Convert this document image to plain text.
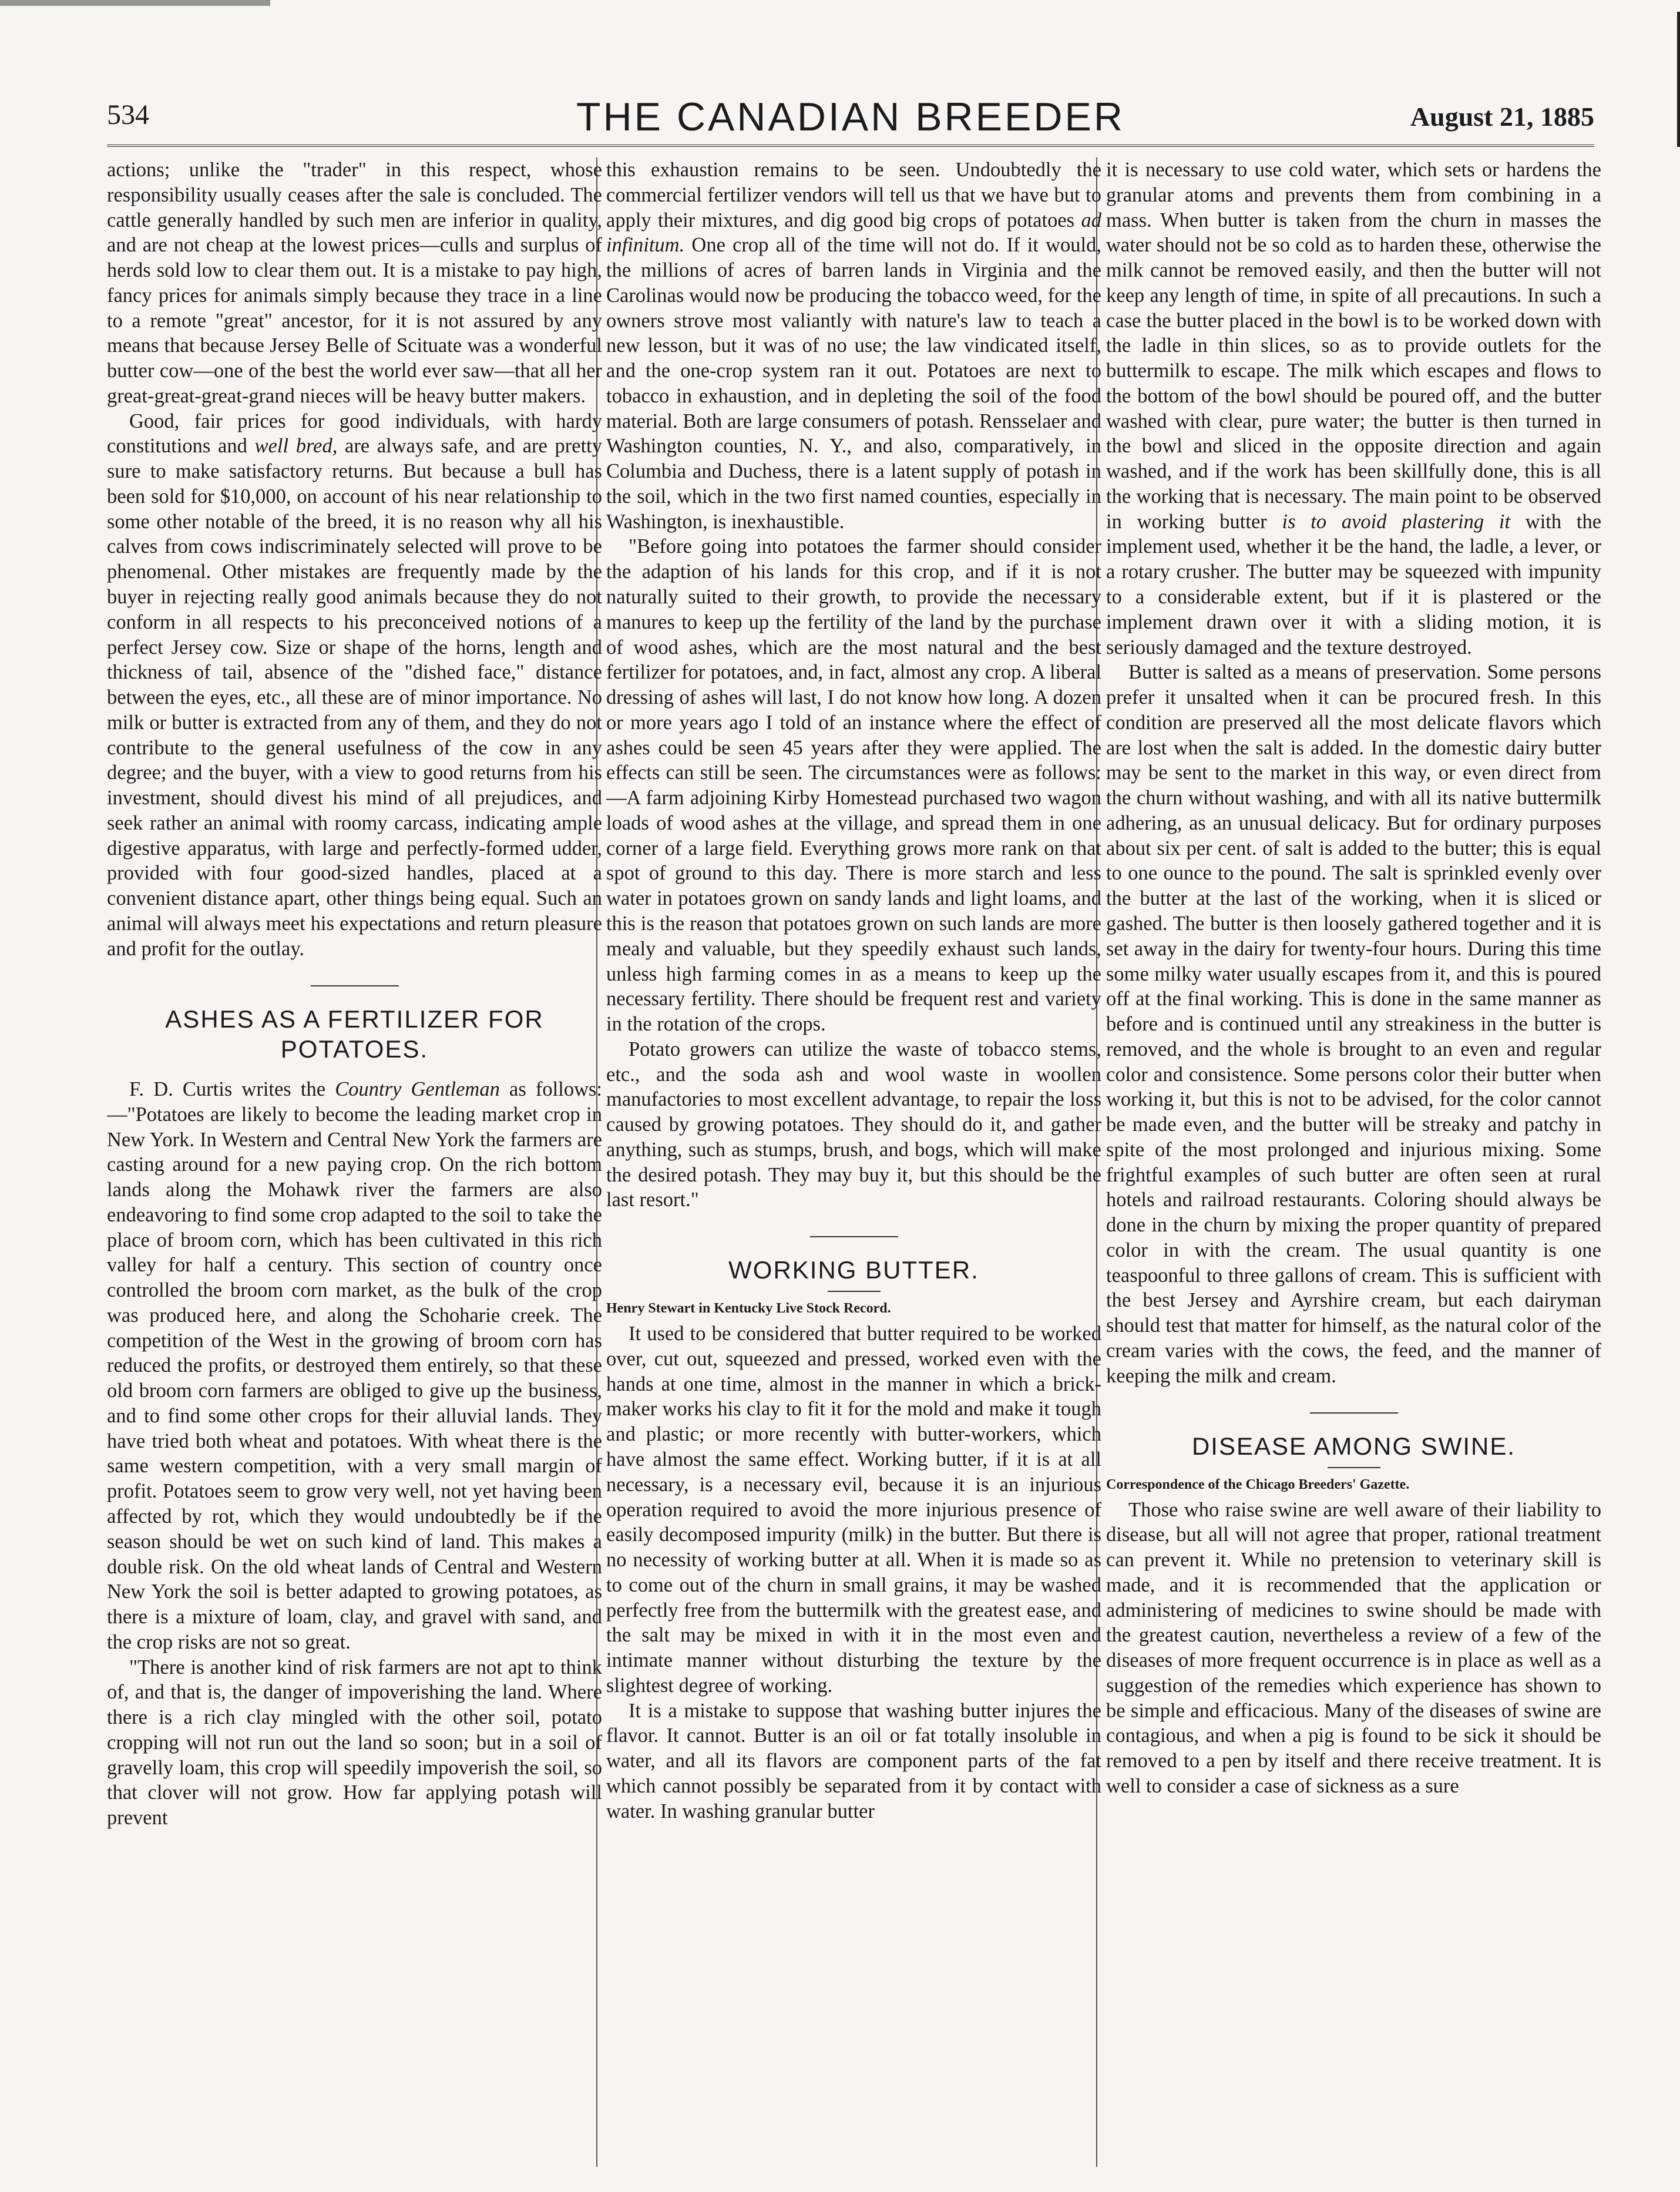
534	THE CANADIAN BREEDER	August 21, 1885

actions; unlike the "trader" in this respect, whose responsibility usually ceases after the sale is concluded. The cattle generally handled by such men are inferior in quality, and are not cheap at the lowest prices—culls and surplus of herds sold low to clear them out. It is a mistake to pay high, fancy prices for animals simply because they trace in a line to a remote "great" ancestor, for it is not assured by any means that because Jersey Belle of Scituate was a wonderful butter cow—one of the best the world ever saw—that all her great-great-great-grand nieces will be heavy butter makers.

Good, fair prices for good individuals, with hardy constitutions and well bred, are always safe, and are pretty sure to make satisfactory returns. But because a bull has been sold for $10,000, on account of his near relationship to some other notable of the breed, it is no reason why all his calves from cows indiscriminately selected will prove to be phenomenal. Other mistakes are frequently made by the buyer in rejecting really good animals because they do not conform in all respects to his preconceived notions of a perfect Jersey cow. Size or shape of the horns, length and thickness of tail, absence of the "dished face," distance between the eyes, etc., all these are of minor importance. No milk or butter is extracted from any of them, and they do not contribute to the general usefulness of the cow in any degree; and the buyer, with a view to good returns from his investment, should divest his mind of all prejudices, and seek rather an animal with roomy carcass, indicating ample digestive apparatus, with large and perfectly-formed udder, provided with four good-sized handles, placed at a convenient distance apart, other things being equal. Such an animal will always meet his expectations and return pleasure and profit for the outlay.

ASHES AS A FERTILIZER FOR POTATOES.

F. D. Curtis writes the Country Gentleman as follows:—"Potatoes are likely to become the leading market crop in New York. In Western and Central New York the farmers are casting around for a new paying crop. On the rich bottom lands along the Mohawk river the farmers are also endeavoring to find some crop adapted to the soil to take the place of broom corn, which has been cultivated in this rich valley for half a century. This section of country once controlled the broom corn market, as the bulk of the crop was produced here, and along the Schoharie creek. The competition of the West in the growing of broom corn has reduced the profits, or destroyed them entirely, so that these old broom corn farmers are obliged to give up the business, and to find some other crops for their alluvial lands. They have tried both wheat and potatoes. With wheat there is the same western competition, with a very small margin of profit. Potatoes seem to grow very well, not yet having been affected by rot, which they would undoubtedly be if the season should be wet on such kind of land. This makes a double risk. On the old wheat lands of Central and Western New York the soil is better adapted to growing potatoes, as there is a mixture of loam, clay, and gravel with sand, and the crop risks are not so great.

"There is another kind of risk farmers are not apt to think of, and that is, the danger of impoverishing the land. Where there is a rich clay mingled with the other soil, potato cropping will not run out the land so soon; but in a soil of gravelly loam, this crop will speedily impoverish the soil, so that clover will not grow. How far applying potash will prevent

this exhaustion remains to be seen. Undoubtedly the commercial fertilizer vendors will tell us that we have but to apply their mixtures, and dig good big crops of potatoes ad infinitum. One crop all of the time will not do. If it would, the millions of acres of barren lands in Virginia and the Carolinas would now be producing the tobacco weed, for the owners strove most valiantly with nature's law to teach a new lesson, but it was of no use; the law vindicated itself, and the one-crop system ran it out. Potatoes are next to tobacco in exhaustion, and in depleting the soil of the food material. Both are large consumers of potash. Rensselaer and Washington counties, N. Y., and also, comparatively, in Columbia and Duchess, there is a latent supply of potash in the soil, which in the two first named counties, especially in Washington, is inexhaustible.

"Before going into potatoes the farmer should consider the adaption of his lands for this crop, and if it is not naturally suited to their growth, to provide the necessary manures to keep up the fertility of the land by the purchase of wood ashes, which are the most natural and the best fertilizer for potatoes, and, in fact, almost any crop. A liberal dressing of ashes will last, I do not know how long. A dozen or more years ago I told of an instance where the effect of ashes could be seen 45 years after they were applied. The effects can still be seen. The circumstances were as follows:—A farm adjoining Kirby Homestead purchased two wagon loads of wood ashes at the village, and spread them in one corner of a large field. Everything grows more rank on that spot of ground to this day. There is more starch and less water in potatoes grown on sandy lands and light loams, and this is the reason that potatoes grown on such lands are more mealy and valuable, but they speedily exhaust such lands, unless high farming comes in as a means to keep up the necessary fertility. There should be frequent rest and variety in the rotation of the crops.

Potato growers can utilize the waste of tobacco stems, etc., and the soda ash and wool waste in woollen manufactories to most excellent advantage, to repair the loss caused by growing potatoes. They should do it, and gather anything, such as stumps, brush, and bogs, which will make the desired potash. They may buy it, but this should be the last resort."

WORKING BUTTER.

Henry Stewart in Kentucky Live Stock Record.

It used to be considered that butter required to be worked over, cut out, squeezed and pressed, worked even with the hands at one time, almost in the manner in which a brick-maker works his clay to fit it for the mold and make it tough and plastic; or more recently with butter-workers, which have almost the same effect. Working butter, if it is at all necessary, is a necessary evil, because it is an injurious operation required to avoid the more injurious presence of easily decomposed impurity (milk) in the butter. But there is no necessity of working butter at all. When it is made so as to come out of the churn in small grains, it may be washed perfectly free from the buttermilk with the greatest ease, and the salt may be mixed in with it in the most even and intimate manner without disturbing the texture by the slightest degree of working.

It is a mistake to suppose that washing butter injures the flavor. It cannot. Butter is an oil or fat totally insoluble in water, and all its flavors are component parts of the fat which cannot possibly be separated from it by contact with water. In washing granular butter

it is necessary to use cold water, which sets or hardens the granular atoms and prevents them from combining in a mass. When butter is taken from the churn in masses the water should not be so cold as to harden these, otherwise the milk cannot be removed easily, and then the butter will not keep any length of time, in spite of all precautions. In such a case the butter placed in the bowl is to be worked down with the ladle in thin slices, so as to provide outlets for the buttermilk to escape. The milk which escapes and flows to the bottom of the bowl should be poured off, and the butter washed with clear, pure water; the butter is then turned in the bowl and sliced in the opposite direction and again washed, and if the work has been skillfully done, this is all the working that is necessary. The main point to be observed in working butter is to avoid plastering it with the implement used, whether it be the hand, the ladle, a lever, or a rotary crusher. The butter may be squeezed with impunity to a considerable extent, but if it is plastered or the implement drawn over it with a sliding motion, it is seriously damaged and the texture destroyed.

Butter is salted as a means of preservation. Some persons prefer it unsalted when it can be procured fresh. In this condition are preserved all the most delicate flavors which are lost when the salt is added. In the domestic dairy butter may be sent to the market in this way, or even direct from the churn without washing, and with all its native buttermilk adhering, as an unusual delicacy. But for ordinary purposes about six per cent. of salt is added to the butter; this is equal to one ounce to the pound. The salt is sprinkled evenly over the butter at the last of the working, when it is sliced or gashed. The butter is then loosely gathered together and it is set away in the dairy for twenty-four hours. During this time some milky water usually escapes from it, and this is poured off at the final working. This is done in the same manner as before and is continued until any streakiness in the butter is removed, and the whole is brought to an even and regular color and consistence. Some persons color their butter when working it, but this is not to be advised, for the color cannot be made even, and the butter will be streaky and patchy in spite of the most prolonged and injurious mixing. Some frightful examples of such butter are often seen at rural hotels and railroad restaurants. Coloring should always be done in the churn by mixing the proper quantity of prepared color in with the cream. The usual quantity is one teaspoonful to three gallons of cream. This is sufficient with the best Jersey and Ayrshire cream, but each dairyman should test that matter for himself, as the natural color of the cream varies with the cows, the feed, and the manner of keeping the milk and cream.

DISEASE AMONG SWINE.

Correspondence of the Chicago Breeders' Gazette.

Those who raise swine are well aware of their liability to disease, but all will not agree that proper, rational treatment can prevent it. While no pretension to veterinary skill is made, and it is recommended that the application or administering of medicines to swine should be made with the greatest caution, nevertheless a review of a few of the diseases of more frequent occurrence is in place as well as a suggestion of the remedies which experience has shown to be simple and efficacious. Many of the diseases of swine are contagious, and when a pig is found to be sick it should be removed to a pen by itself and there receive treatment. It is well to consider a case of sickness as a sure
